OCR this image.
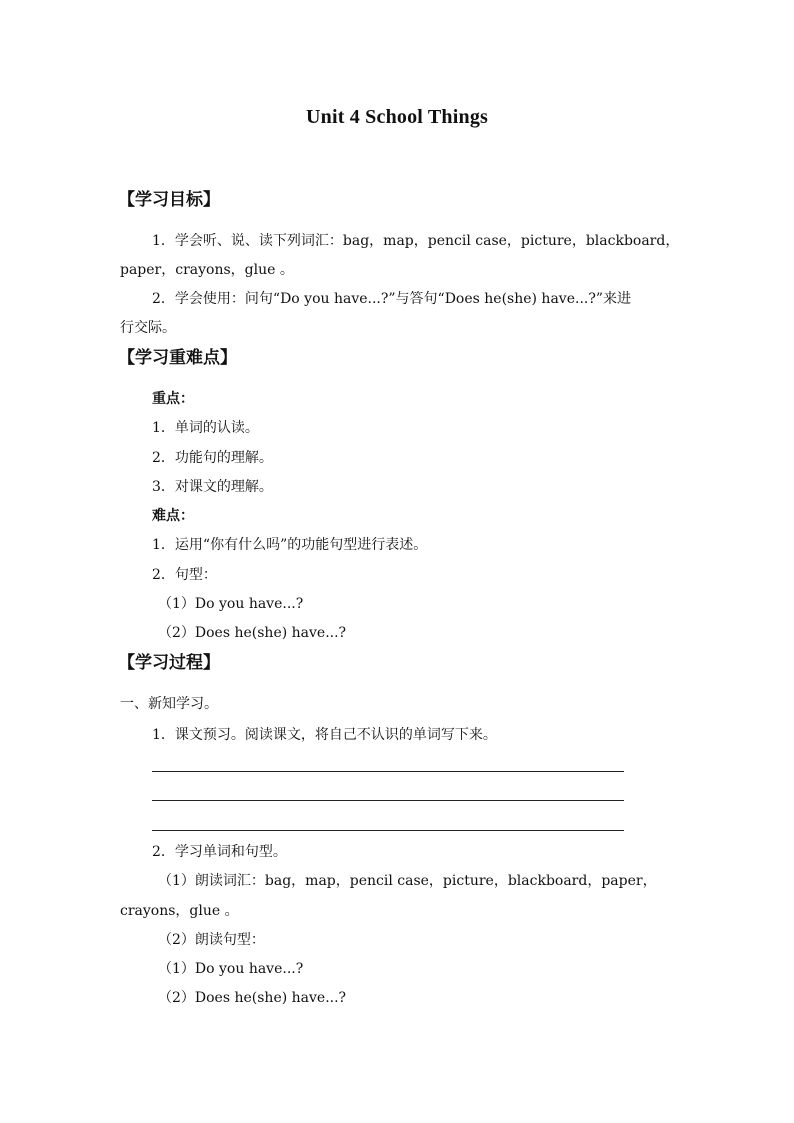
Unit 4 School Things
【学习目标】
1．学会听、说、读下列词汇：bag，map，pencil case，picture，blackboard，
paper，crayons，glue 。
2．学会使用：问句“Do you have...?”与答句“Does he(she) have...?”来进
行交际。
【学习重难点】
重点：
1．单词的认读。
2．功能句的理解。
3．对课文的理解。
难点：
1．运用“你有什么吗”的功能句型进行表述。
2．句型：
（1）Do you have...?
（2）Does he(she) have...?
【学习过程】
一、新知学习。
1．课文预习。阅读课文，将自己不认识的单词写下来。
2．学习单词和句型。
（1）朗读词汇：bag，map，pencil case，picture，blackboard，paper，
crayons，glue 。
（2）朗读句型：
（1）Do you have...?
（2）Does he(she) have...?
